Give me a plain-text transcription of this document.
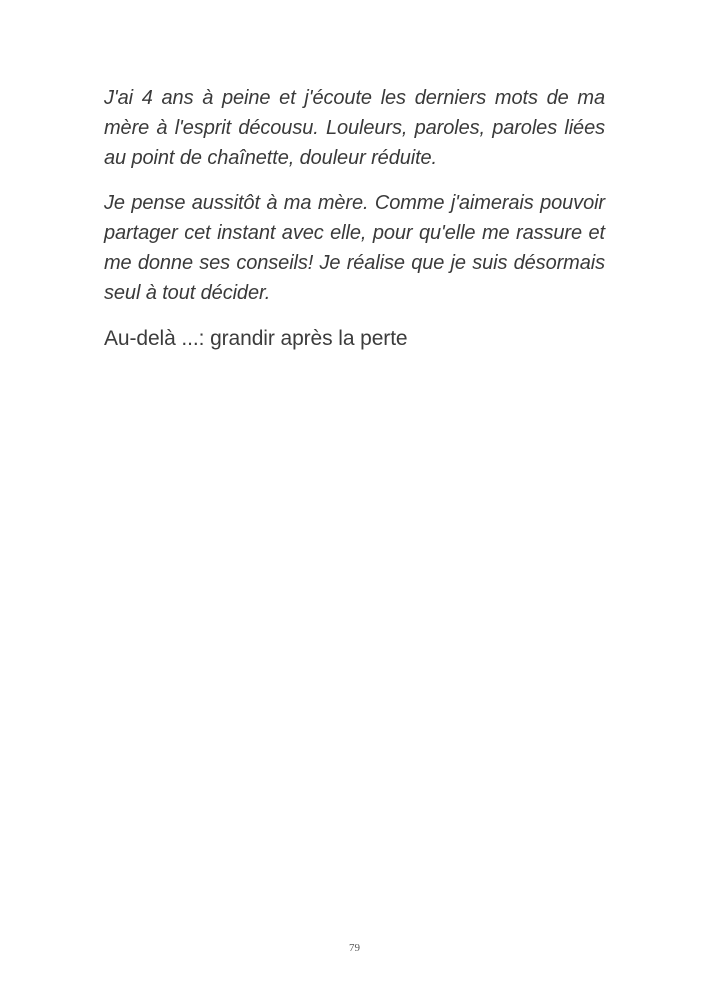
J'ai 4 ans à peine et j'écoute les derniers mots de ma mère à l'esprit décousu. Louleurs, paroles, paroles liées au point de chaînette, douleur réduite.

Je pense aussitôt à ma mère. Comme j'aimerais pouvoir partager cet instant avec elle, pour qu'elle me rassure et me donne ses conseils! Je réalise que je suis désormais seul à tout décider.

Au-delà ...: grandir après la perte

79
